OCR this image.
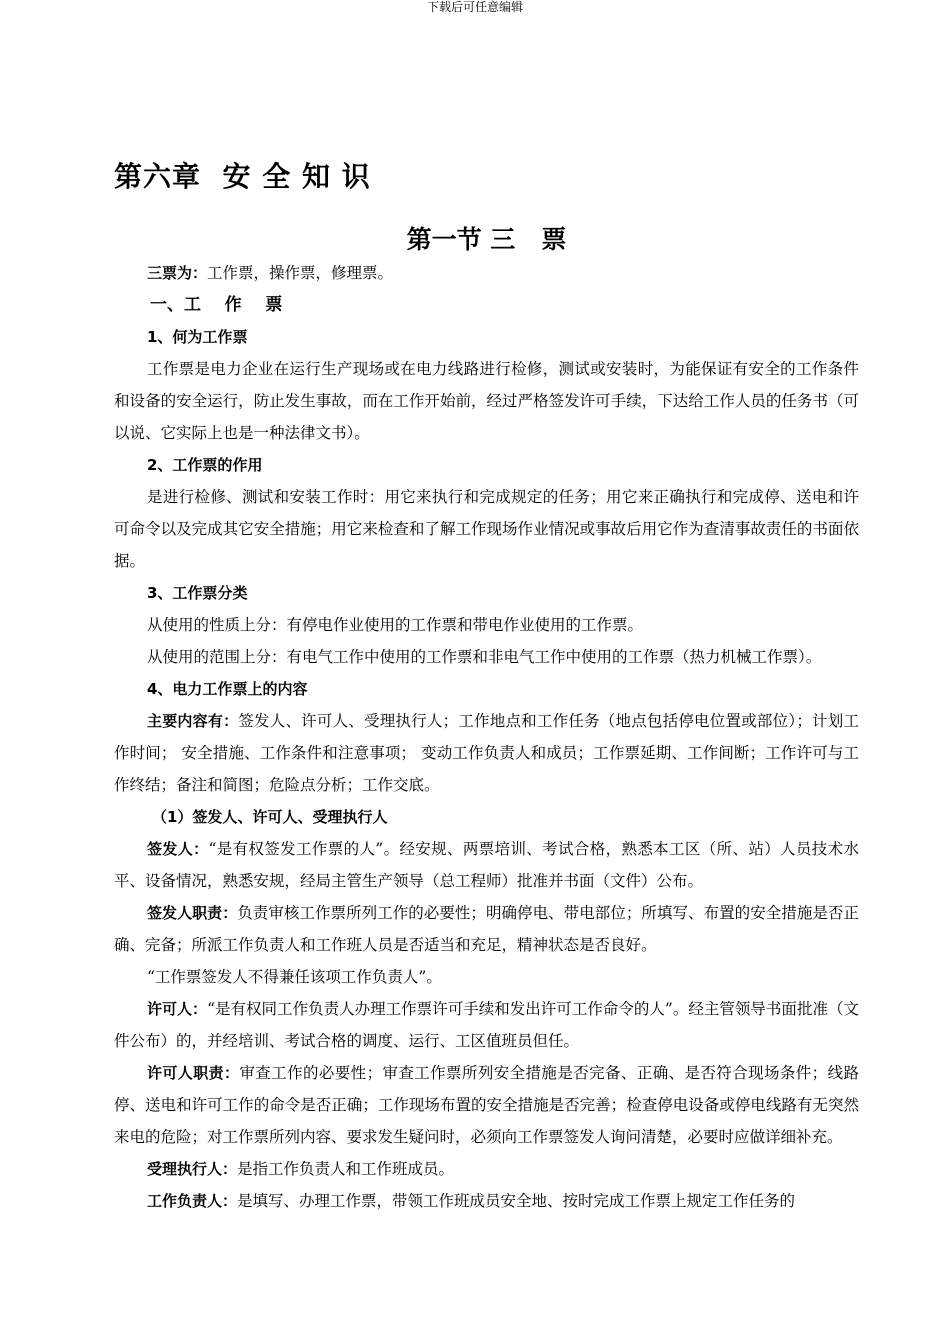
下载后可任意编辑
第六章  安 全 知 识
第一节 三   票

三票为：工作票，操作票，修理票。

一、工    作    票

1、何为工作票

工作票是电力企业在运行生产现场或在电力线路进行检修，测试或安装时，为能保证有安全的工作条件和设备的安全运行，防止发生事故，而在工作开始前，经过严格签发许可手续，下达给工作人员的任务书（可以说、它实际上也是一种法律文书）。

2、工作票的作用

是进行检修、测试和安装工作时：用它来执行和完成规定的任务；用它来正确执行和完成停、送电和许可命令以及完成其它安全措施；用它来检查和了解工作现场作业情况或事故后用它作为查清事故责任的书面依据。

3、工作票分类

从使用的性质上分：有停电作业使用的工作票和带电作业使用的工作票。

从使用的范围上分：有电气工作中使用的工作票和非电气工作中使用的工作票（热力机械工作票）。

4、电力工作票上的内容

主要内容有：签发人、许可人、受理执行人；工作地点和工作任务（地点包括停电位置或部位）；计划工作时间； 安全措施、工作条件和注意事项； 变动工作负责人和成员；工作票延期、工作间断；工作许可与工作终结；备注和简图；危险点分析；工作交底。

（1）签发人、许可人、受理执行人

签发人：“是有权签发工作票的人”。经安规、两票培训、考试合格，熟悉本工区（所、站）人员技术水平、设备情况，熟悉安规，经局主管生产领导（总工程师）批准并书面（文件）公布。

签发人职责：负责审核工作票所列工作的必要性；明确停电、带电部位；所填写、布置的安全措施是否正确、完备；所派工作负责人和工作班人员是否适当和充足，精神状态是否良好。

“工作票签发人不得兼任该项工作负责人”。

许可人：“是有权同工作负责人办理工作票许可手续和发出许可工作命令的人”。经主管领导书面批准（文件公布）的，并经培训、考试合格的调度、运行、工区值班员但任。

许可人职责：审查工作的必要性；审查工作票所列安全措施是否完备、正确、是否符合现场条件；线路停、送电和许可工作的命令是否正确；工作现场布置的安全措施是否完善；检查停电设备或停电线路有无突然来电的危险；对工作票所列内容、要求发生疑问时，必须向工作票签发人询问清楚，必要时应做详细补充。

受理执行人：是指工作负责人和工作班成员。

工作负责人：是填写、办理工作票，带领工作班成员安全地、按时完成工作票上规定工作任务的
